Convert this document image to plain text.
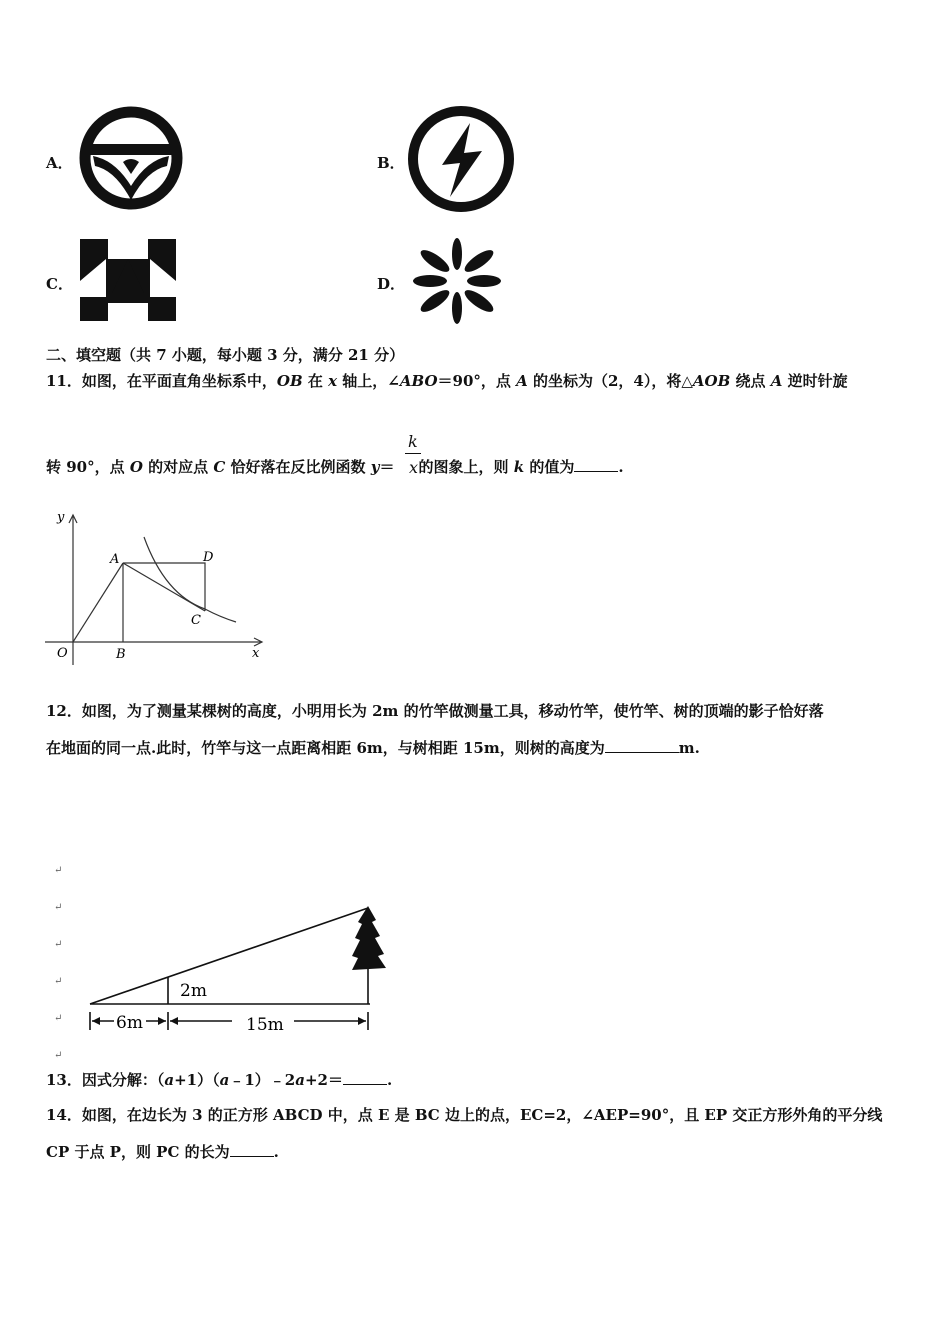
A．	B．
C．	D．
二、填空题（共 7 小题，每小题 3 分，满分 21 分）
11．如图，在平面直角坐标系中，OB 在 x 轴上，∠ABO＝90°，点 A 的坐标为（2，4），将△AOB 绕点 A 逆时针旋
k
x
转 90°，点 O 的对应点 C 恰好落在反比例函数 y＝ 的图象上，则 k 的值为	.
y
x
O	B
A	D
C
12．如图，为了测量某棵树的高度，小明用长为 2m 的竹竿做测量工具，移动竹竿，使竹竿、树的顶端的影子恰好落
在地面的同一点.此时，竹竿与这一点距离相距 6m，与树相距 15m，则树的高度为	m.
↵
↵
↵
↵
↵
↵
2m
6m	15m
13．因式分解：（a+1）（a﹣1）﹣2a+2＝	.
14．如图，在边长为 3 的正方形 ABCD 中，点 E 是 BC 边上的点，EC=2，∠AEP=90°，且 EP 交正方形外角的平分线
CP 于点 P，则 PC 的长为	.
